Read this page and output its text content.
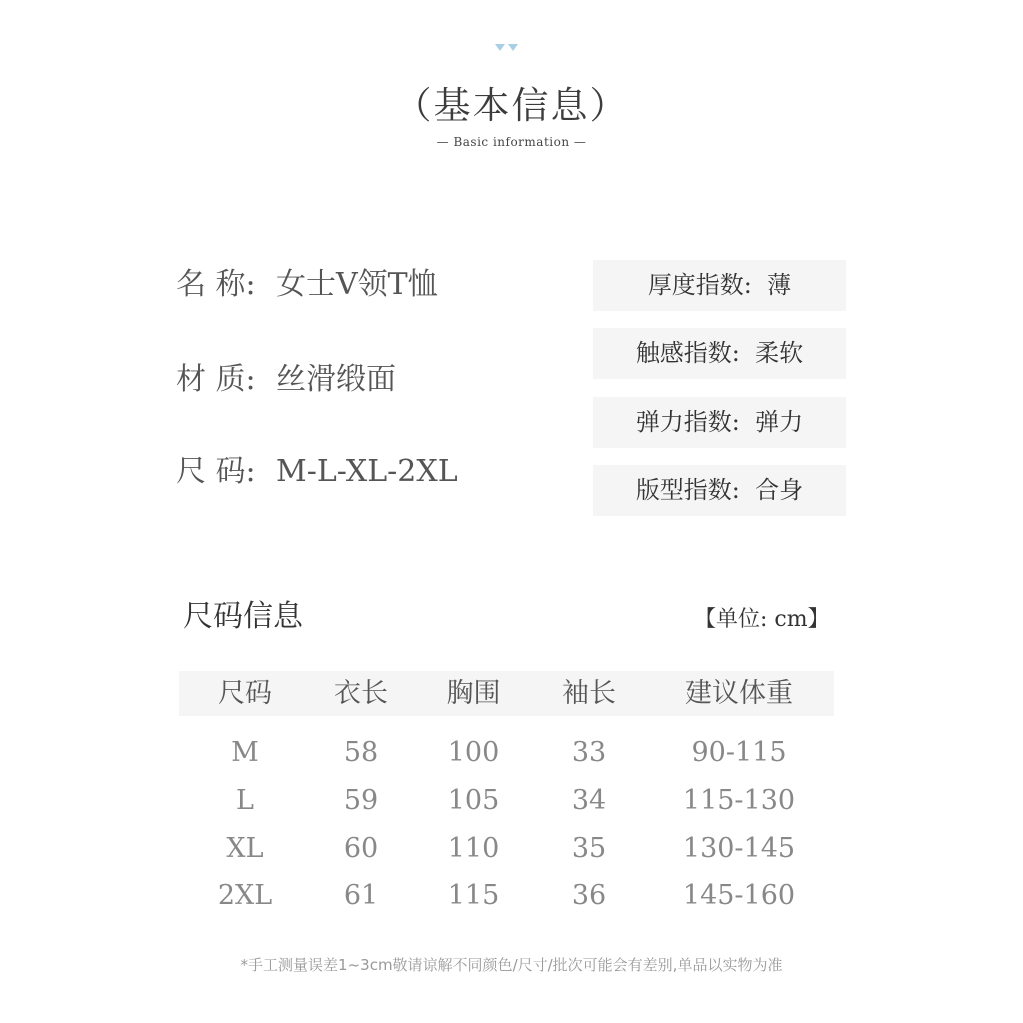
（基本信息）
— Basic information —
名 称: 女士V领T恤
材 质: 丝滑缎面
尺 码: M-L-XL-2XL
厚度指数: 薄
触感指数: 柔软
弹力指数: 弹力
版型指数: 合身
尺码信息	【单位: cm】
尺码	衣长	胸围	袖长	建议体重
M	58	100	33	90-115
L	59	105	34	115-130
XL	60	110	35	130-145
2XL	61	115	36	145-160
*手工测量误差1~3cm敬请谅解不同颜色/尺寸/批次可能会有差别,单品以实物为准
